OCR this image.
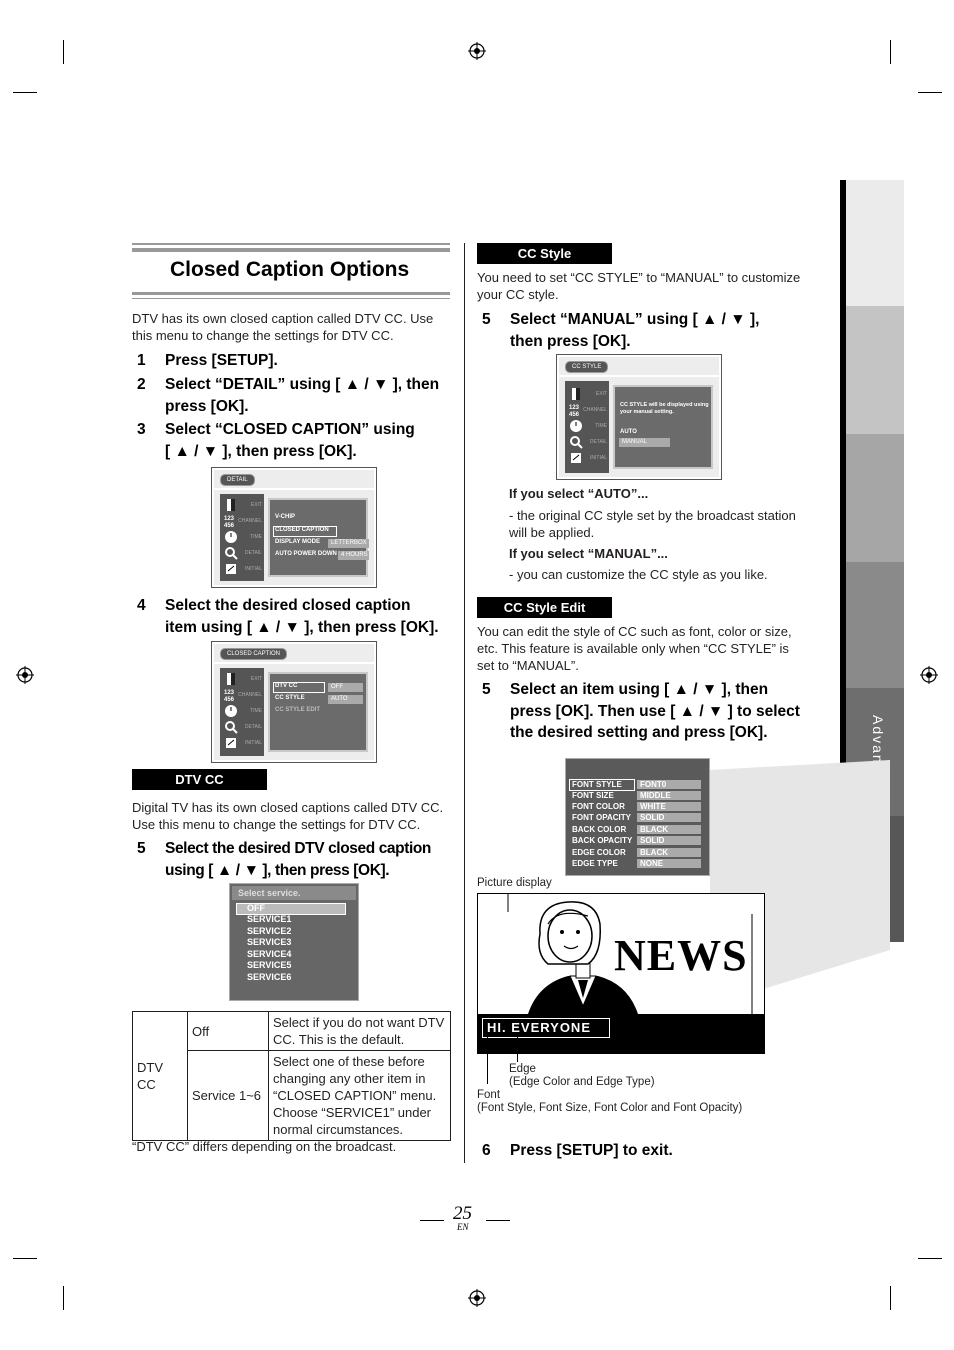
Closed Caption Options

DTV has its own closed caption called DTV CC. Use this menu to change the settings for DTV CC.

1 Press [SETUP].
2 Select “DETAIL” using [ ▲ / ▼ ], then
press [OK].
3 Select “CLOSED CAPTION” using
[ ▲ / ▼ ], then press [OK].
DETAIL
EXIT
123
456
CHANNEL
TIME
DETAIL
INITIAL
V-CHIP
CLOSED CAPTION
DISPLAY MODE	LETTERBOX
AUTO POWER DOWN 4 HOURS
4 Select the desired closed caption
item using [ ▲ / ▼ ], then press [OK].
CLOSED CAPTION
EXIT
123
456
CHANNEL
TIME
DETAIL
INITIAL
DTV CC	OFF
CC STYLE	AUTO
CC STYLE EDIT
DTV CC

Digital TV has its own closed captions called DTV CC. Use this menu to change the settings for DTV CC.

5 Select the desired DTV closed caption
using [ ▲ / ▼ ], then press [OK].
Select service.
OFF
SERVICE1
SERVICE2
SERVICE3
SERVICE4
SERVICE5
SERVICE6
DTV CC	Off	Select if you do not want DTV CC. This is the default.
	Service 1~6	Select one of these before changing any other item in “CLOSED CAPTION” menu. Choose “SERVICE1” under normal circumstances.

“DTV CC” differs depending on the broadcast.

CC Style

You need to set “CC STYLE” to “MANUAL” to customize your CC style.

5 Select “MANUAL” using [ ▲ / ▼ ],
then press [OK].
CC STYLE
EXIT
123
456
CHANNEL
TIME
DETAIL
INITIAL
CC STYLE will be displayed using your manual setting.
AUTO
MANUAL

If you select “AUTO”...

- the original CC style set by the broadcast station will be applied.

If you select “MANUAL”...

- you can customize the CC style as you like.

CC Style Edit

You can edit the style of CC such as font, color or size, etc. This feature is available only when “CC STYLE” is set to “MANUAL”.

5 Select an item using [ ▲ / ▼ ], then
press [OK]. Then use [ ▲ / ▼ ] to select
the desired setting and press [OK].
FONT STYLE	FONT0
FONT SIZE	MIDDLE
FONT COLOR	WHITE
FONT OPACITY	SOLID
BACK COLOR	BLACK
BACK OPACITY SOLID
EDGE COLOR	BLACK
EDGE TYPE	NONE

Picture display

NEWS
HI. EVERYONE

Edge

(Edge Color and Edge Type)

Font

(Font Style, Font Size, Font Color and Font Opacity)

6 Press [SETUP] to exit.
25
EN
